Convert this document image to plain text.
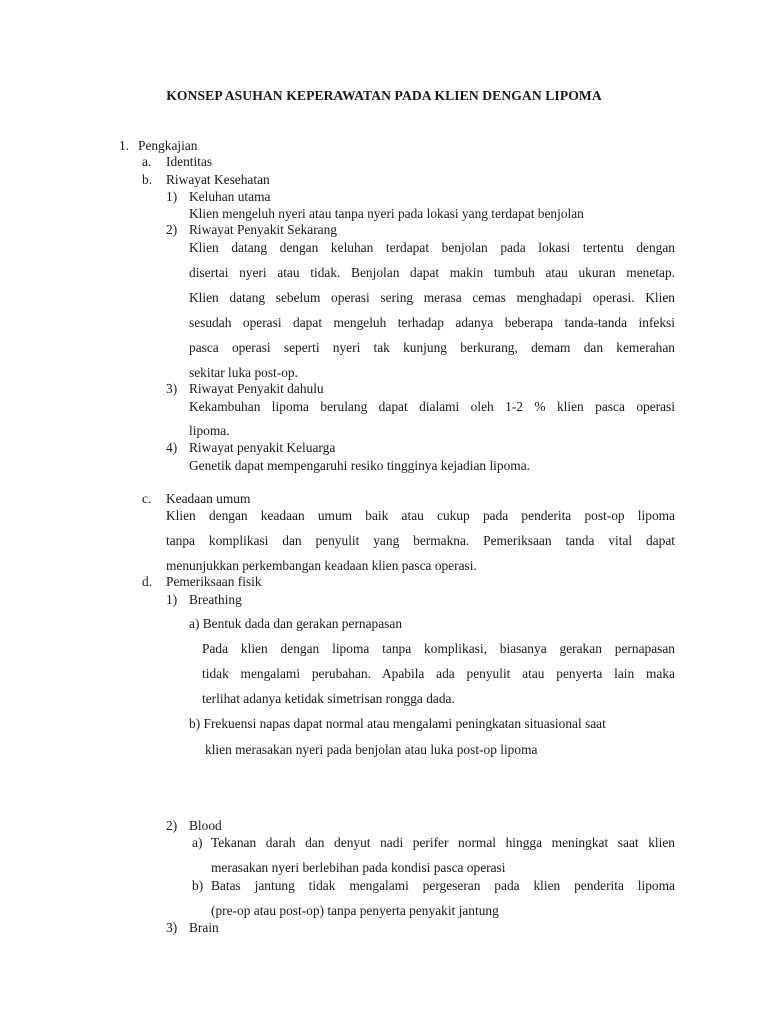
KONSEP ASUHAN KEPERAWATAN PADA KLIEN DENGAN LIPOMA
1. Pengkajian
a. Identitas
b. Riwayat Kesehatan
1) Keluhan utama
Klien mengeluh nyeri atau tanpa nyeri pada lokasi yang terdapat benjolan
2) Riwayat Penyakit Sekarang
Klien datang dengan keluhan terdapat benjolan pada lokasi tertentu dengan
disertai nyeri atau tidak. Benjolan dapat makin tumbuh atau ukuran menetap.
Klien datang sebelum operasi sering merasa cemas menghadapi operasi. Klien
sesudah operasi dapat mengeluh terhadap adanya beberapa tanda-tanda infeksi
pasca operasi seperti nyeri tak kunjung berkurang, demam dan kemerahan
sekitar luka post-op.
3) Riwayat Penyakit dahulu
Kekambuhan lipoma berulang dapat dialami oleh 1-2 % klien pasca operasi
lipoma.
4) Riwayat penyakit Keluarga
Genetik dapat mempengaruhi resiko tingginya kejadian lipoma.
c. Keadaan umum
Klien dengan keadaan umum baik atau cukup pada penderita post-op lipoma
tanpa komplikasi dan penyulit yang bermakna. Pemeriksaan tanda vital dapat
menunjukkan perkembangan keadaan klien pasca operasi.
d. Pemeriksaan fisik
1) Breathing
a) Bentuk dada dan gerakan pernapasan
Pada klien dengan lipoma tanpa komplikasi, biasanya gerakan pernapasan
tidak mengalami perubahan. Apabila ada penyulit atau penyerta lain maka
terlihat adanya ketidak simetrisan rongga dada.
b) Frekuensi napas dapat normal atau mengalami peningkatan situasional saat
klien merasakan nyeri pada benjolan atau luka post-op lipoma
2) Blood
a) Tekanan darah dan denyut nadi perifer normal hingga meningkat saat klien
merasakan nyeri berlebihan pada kondisi pasca operasi
b) Batas jantung tidak mengalami pergeseran pada klien penderita lipoma
(pre-op atau post-op) tanpa penyerta penyakit jantung
3) Brain
